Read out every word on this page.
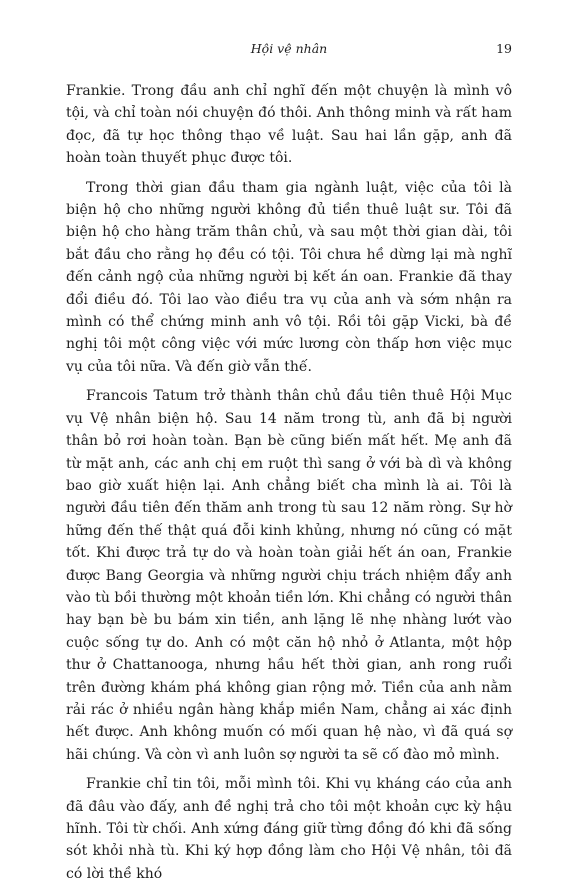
Hội vệ nhân	19

Frankie. Trong đầu anh chỉ nghĩ đến một chuyện là mình vô tội, và chỉ toàn nói chuyện đó thôi. Anh thông minh và rất ham đọc, đã tự học thông thạo về luật. Sau hai lần gặp, anh đã hoàn toàn thuyết phục được tôi.

Trong thời gian đầu tham gia ngành luật, việc của tôi là biện hộ cho những người không đủ tiền thuê luật sư. Tôi đã biện hộ cho hàng trăm thân chủ, và sau một thời gian dài, tôi bắt đầu cho rằng họ đều có tội. Tôi chưa hề dừng lại mà nghĩ đến cảnh ngộ của những người bị kết án oan. Frankie đã thay đổi điều đó. Tôi lao vào điều tra vụ của anh và sớm nhận ra mình có thể chứng minh anh vô tội. Rồi tôi gặp Vicki, bà đề nghị tôi một công việc với mức lương còn thấp hơn việc mục vụ của tôi nữa. Và đến giờ vẫn thế.

Francois Tatum trở thành thân chủ đầu tiên thuê Hội Mục vụ Vệ nhân biện hộ. Sau 14 năm trong tù, anh đã bị người thân bỏ rơi hoàn toàn. Bạn bè cũng biến mất hết. Mẹ anh đã từ mặt anh, các anh chị em ruột thì sang ở với bà dì và không bao giờ xuất hiện lại. Anh chẳng biết cha mình là ai. Tôi là người đầu tiên đến thăm anh trong tù sau 12 năm ròng. Sự hờ hững đến thế thật quá đỗi kinh khủng, nhưng nó cũng có mặt tốt. Khi được trả tự do và hoàn toàn giải hết án oan, Frankie được Bang Georgia và những người chịu trách nhiệm đẩy anh vào tù bồi thường một khoản tiền lớn. Khi chẳng có người thân hay bạn bè bu bám xin tiền, anh lặng lẽ nhẹ nhàng lướt vào cuộc sống tự do. Anh có một căn hộ nhỏ ở Atlanta, một hộp thư ở Chattanooga, nhưng hầu hết thời gian, anh rong ruổi trên đường khám phá không gian rộng mở. Tiền của anh nằm rải rác ở nhiều ngân hàng khắp miền Nam, chẳng ai xác định hết được. Anh không muốn có mối quan hệ nào, vì đã quá sợ hãi chúng. Và còn vì anh luôn sợ người ta sẽ cố đào mỏ mình.

Frankie chỉ tin tôi, mỗi mình tôi. Khi vụ kháng cáo của anh đã đâu vào đấy, anh đề nghị trả cho tôi một khoản cực kỳ hậu hĩnh. Tôi từ chối. Anh xứng đáng giữ từng đồng đó khi đã sống sót khỏi nhà tù. Khi ký hợp đồng làm cho Hội Vệ nhân, tôi đã có lời thề khó
